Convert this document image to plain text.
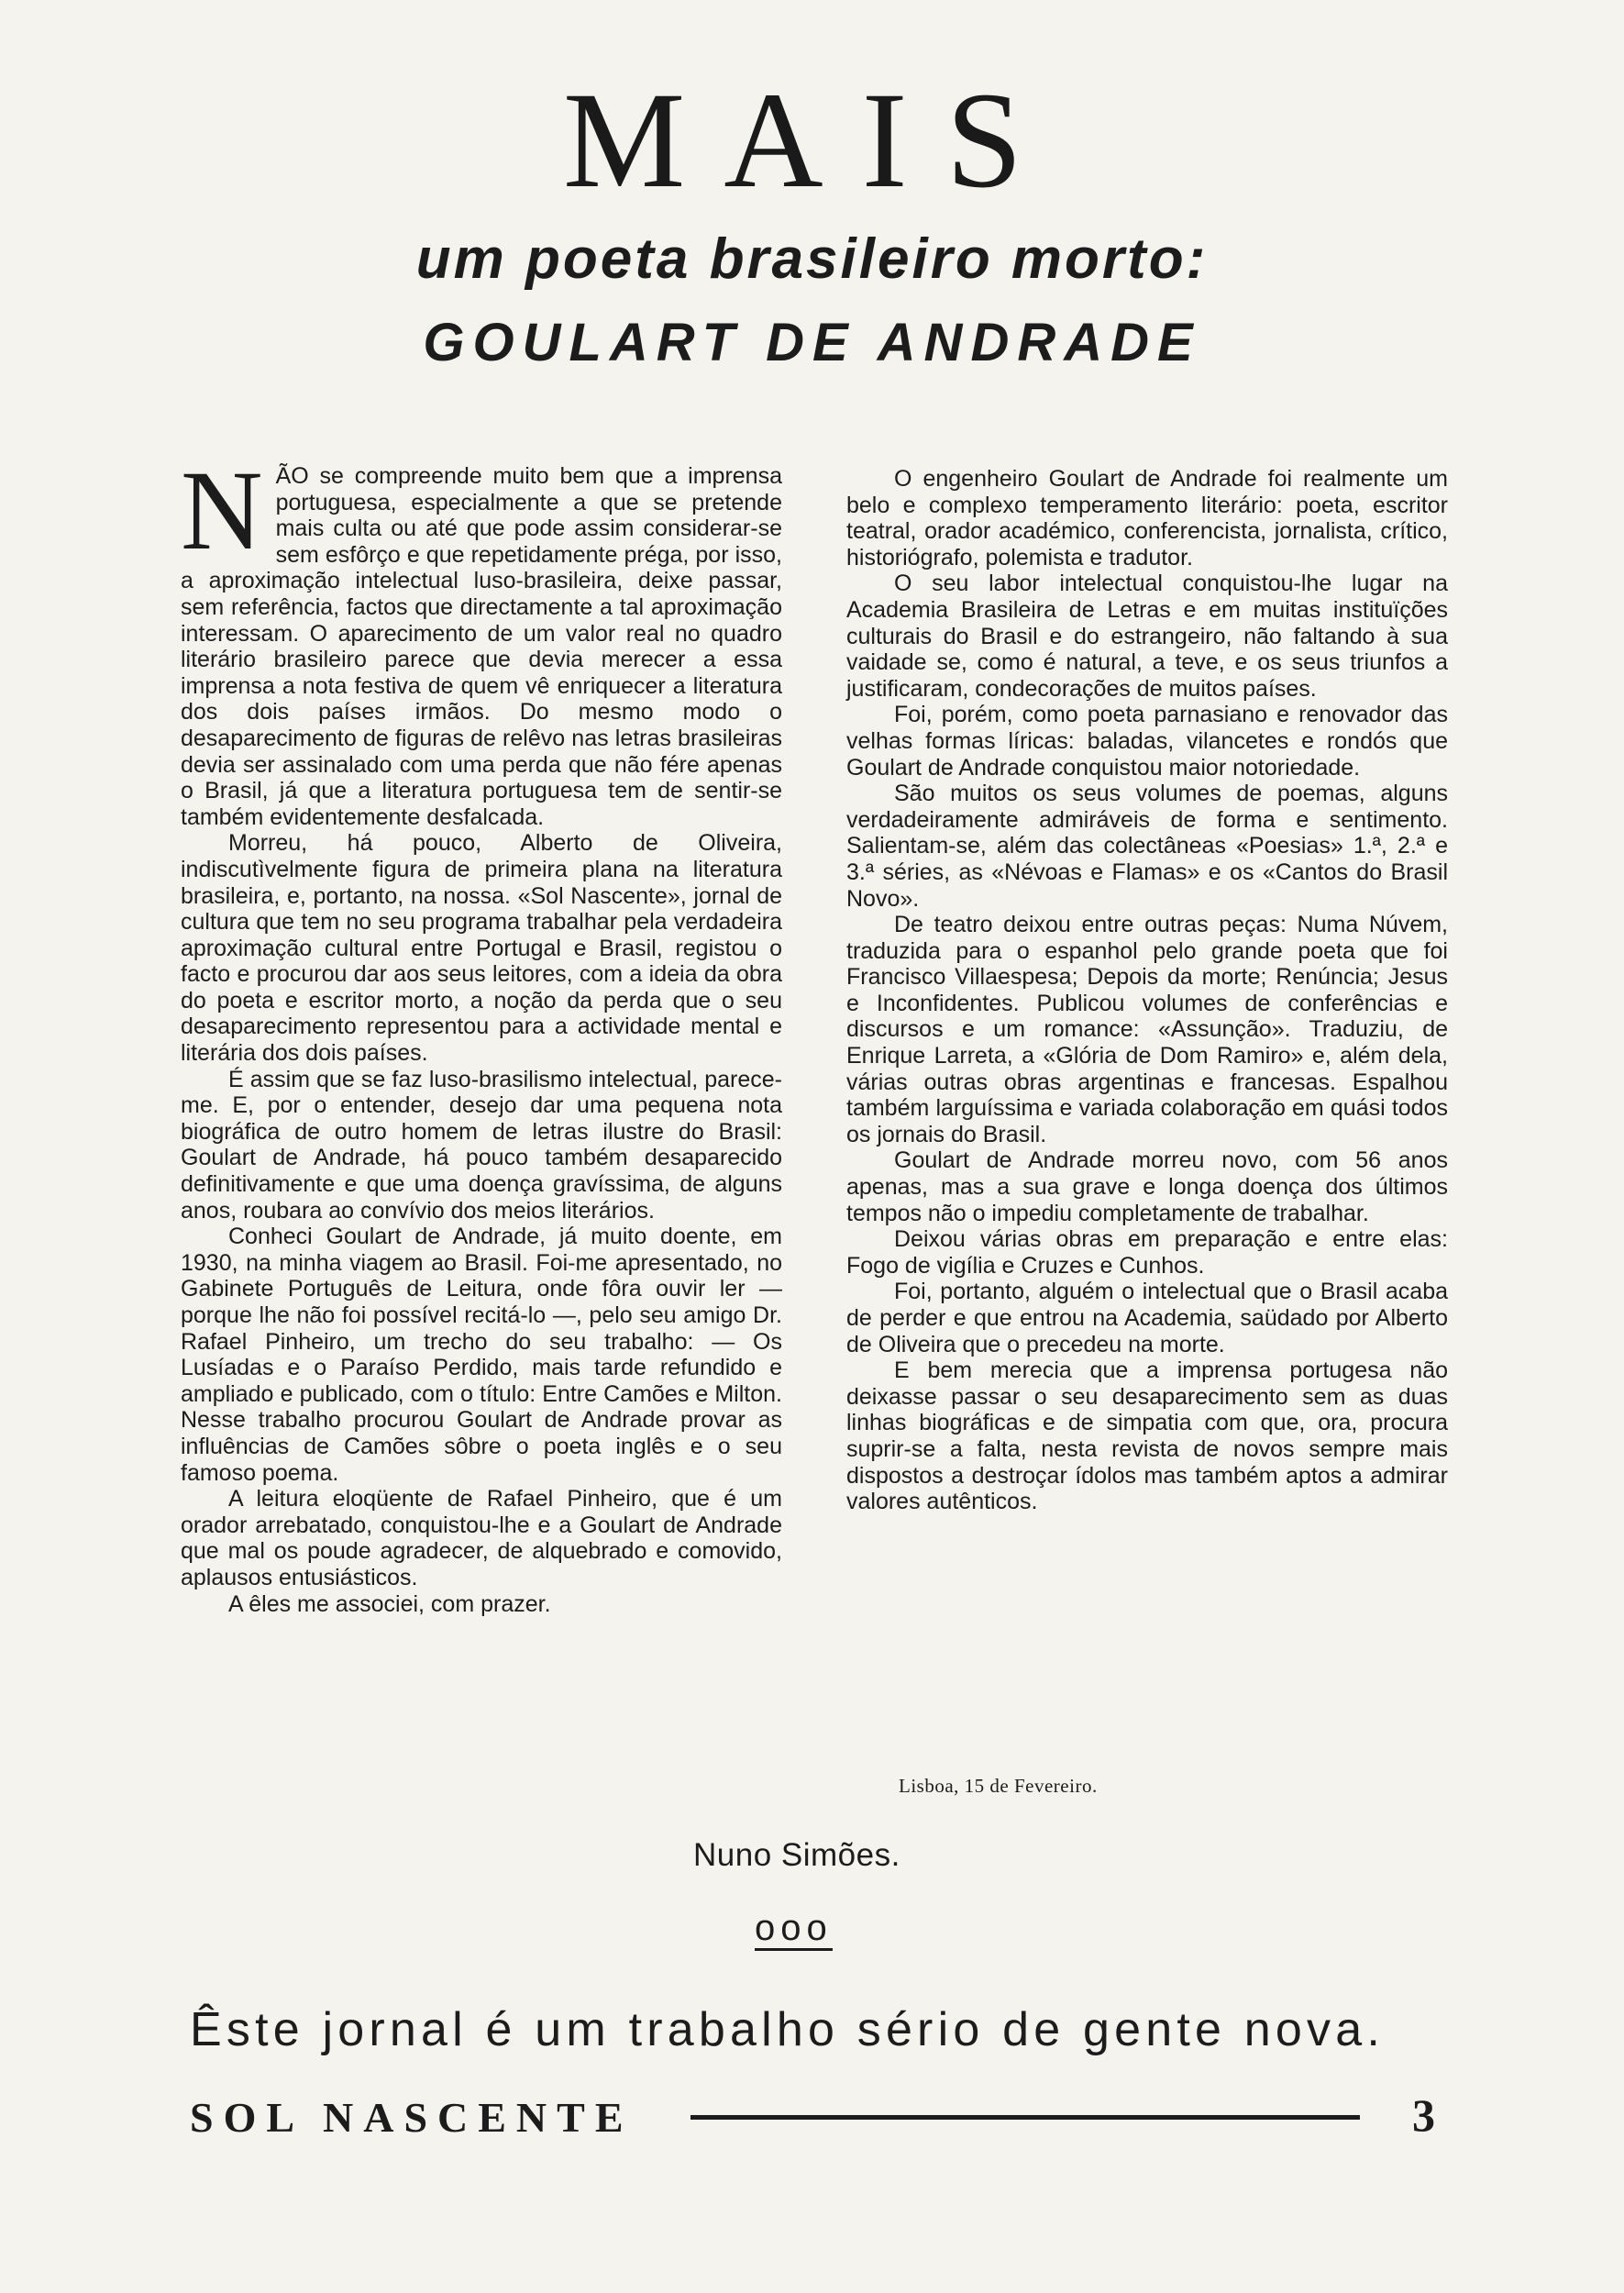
MAIS
um poeta brasileiro morto:
GOULART DE ANDRADE

NÃO se compreende muito bem que a imprensa portuguesa, especialmente a que se pretende mais culta ou até que pode assim considerar-se sem esfôrço e que repetidamente préga, por isso, a aproximação intelectual luso-brasileira, deixe passar, sem referência, factos que directamente a tal aproximação interessam. O aparecimento de um valor real no quadro literário brasileiro parece que devia merecer a essa imprensa a nota festiva de quem vê enriquecer a literatura dos dois países irmãos. Do mesmo modo o desaparecimento de figuras de relêvo nas letras brasileiras devia ser assinalado com uma perda que não fére apenas o Brasil, já que a literatura portuguesa tem de sentir-se também evidentemente desfalcada.

Morreu, há pouco, Alberto de Oliveira, indiscutìvelmente figura de primeira plana na literatura brasileira, e, portanto, na nossa. «Sol Nascente», jornal de cultura que tem no seu programa trabalhar pela verdadeira aproximação cultural entre Portugal e Brasil, registou o facto e procurou dar aos seus leitores, com a ideia da obra do poeta e escritor morto, a noção da perda que o seu desaparecimento representou para a actividade mental e literária dos dois países.

É assim que se faz luso-brasilismo intelectual, parece-me. E, por o entender, desejo dar uma pequena nota biográfica de outro homem de letras ilustre do Brasil: Goulart de Andrade, há pouco também desaparecido definitivamente e que uma doença gravíssima, de alguns anos, roubara ao convívio dos meios literários.

Conheci Goulart de Andrade, já muito doente, em 1930, na minha viagem ao Brasil. Foi-me apresentado, no Gabinete Português de Leitura, onde fôra ouvir ler — porque lhe não foi possível recitá-lo —, pelo seu amigo Dr. Rafael Pinheiro, um trecho do seu trabalho: — Os Lusíadas e o Paraíso Perdido, mais tarde refundido e ampliado e publicado, com o título: Entre Camões e Milton. Nesse trabalho procurou Goulart de Andrade provar as influências de Camões sôbre o poeta inglês e o seu famoso poema.

A leitura eloqüente de Rafael Pinheiro, que é um orador arrebatado, conquistou-lhe e a Goulart de Andrade que mal os poude agradecer, de alquebrado e comovido, aplausos entusiásticos.

A êles me associei, com prazer.

O engenheiro Goulart de Andrade foi realmente um belo e complexo temperamento literário: poeta, escritor teatral, orador académico, conferencista, jornalista, crítico, historiógrafo, polemista e tradutor.

O seu labor intelectual conquistou-lhe lugar na Academia Brasileira de Letras e em muitas instituïções culturais do Brasil e do estrangeiro, não faltando à sua vaidade se, como é natural, a teve, e os seus triunfos a justificaram, condecorações de muitos países.

Foi, porém, como poeta parnasiano e renovador das velhas formas líricas: baladas, vilancetes e rondós que Goulart de Andrade conquistou maior notoriedade.

São muitos os seus volumes de poemas, alguns verdadeiramente admiráveis de forma e sentimento. Salientam-se, além das colectâneas «Poesias» 1.ª, 2.ª e 3.ª séries, as «Névoas e Flamas» e os «Cantos do Brasil Novo».

De teatro deixou entre outras peças: Numa Núvem, traduzida para o espanhol pelo grande poeta que foi Francisco Villaespesa; Depois da morte; Renúncia; Jesus e Inconfidentes. Publicou volumes de conferências e discursos e um romance: «Assunção». Traduziu, de Enrique Larreta, a «Glória de Dom Ramiro» e, além dela, várias outras obras argentinas e francesas. Espalhou também larguíssima e variada colaboração em quási todos os jornais do Brasil.

Goulart de Andrade morreu novo, com 56 anos apenas, mas a sua grave e longa doença dos últimos tempos não o impediu completamente de trabalhar.

Deixou várias obras em preparação e entre elas: Fogo de vigília e Cruzes e Cunhos.

Foi, portanto, alguém o intelectual que o Brasil acaba de perder e que entrou na Academia, saüdado por Alberto de Oliveira que o precedeu na morte.

E bem merecia que a imprensa portugesa não deixasse passar o seu desaparecimento sem as duas linhas biográficas e de simpatia com que, ora, procura suprir-se a falta, nesta revista de novos sempre mais dispostos a destroçar ídolos mas também aptos a admirar valores autênticos.

Lisboa, 15 de Fevereiro.
Nuno Simões.
ooo
Êste jornal é um trabalho sério de gente nova.
SOL NASCENTE	3
